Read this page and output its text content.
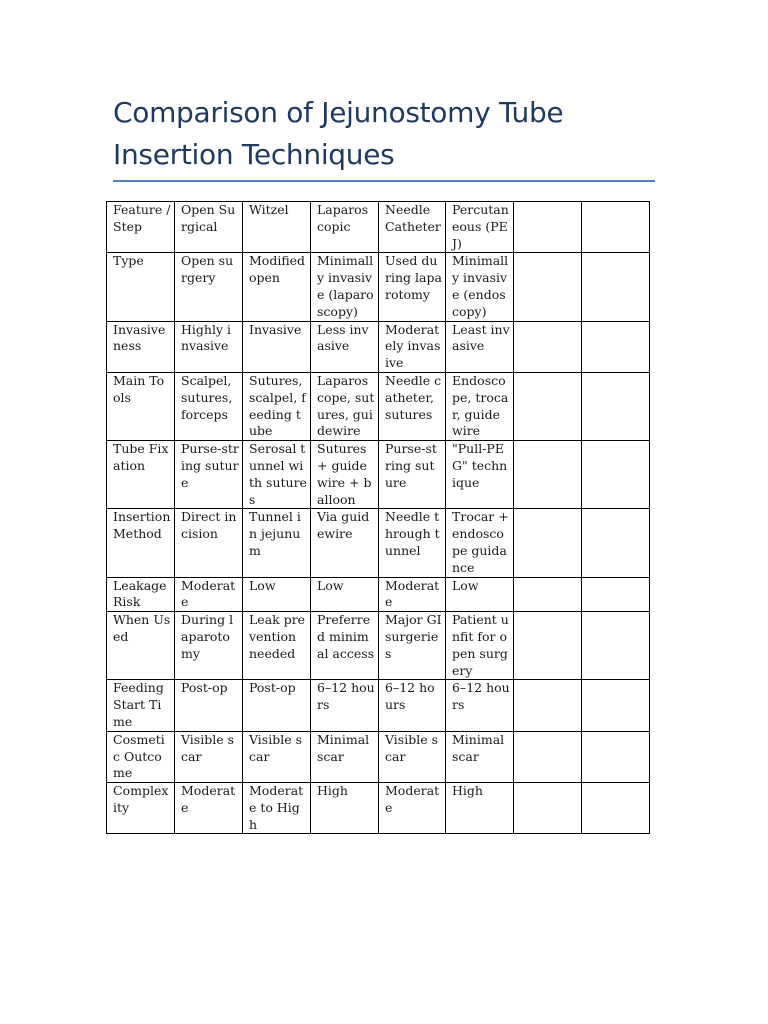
Comparison of Jejunostomy Tube Insertion Techniques
Feature / Step	Open Surgical	Witzel	Laparoscopic	Needle Catheter	Percutaneous (PEJ)		
Type	Open surgery	Modified open	Minimally invasive (laparoscopy)	Used during laparotomy	Minimally invasive (endoscopy)		
Invasiveness	Highly invasive	Invasive	Less invasive	Moderately invasive	Least invasive		
Main Tools	Scalpel, sutures, forceps	Sutures, scalpel, feeding tube	Laparoscope, sutures, guidewire	Needle catheter, sutures	Endoscope, trocar, guidewire		
Tube Fixation	Purse-string suture	Serosal tunnel with sutures	Sutures + guidewire + balloon	Purse-string suture	"Pull-PEG" technique		
Insertion Method	Direct incision	Tunnel in jejunum	Via guidewire	Needle through tunnel	Trocar + endoscope guidance		
Leakage Risk	Moderate	Low	Low	Moderate	Low		
When Used	During laparotomy	Leak prevention needed	Preferred minimal access	Major GI surgeries	Patient unfit for open surgery		
Feeding Start Time	Post-op	Post-op	6–12 hours	6–12 hours	6–12 hours		
Cosmetic Outcome	Visible scar	Visible scar	Minimal scar	Visible scar	Minimal scar		
Complexity	Moderate	Moderate to High	High	Moderate	High		
